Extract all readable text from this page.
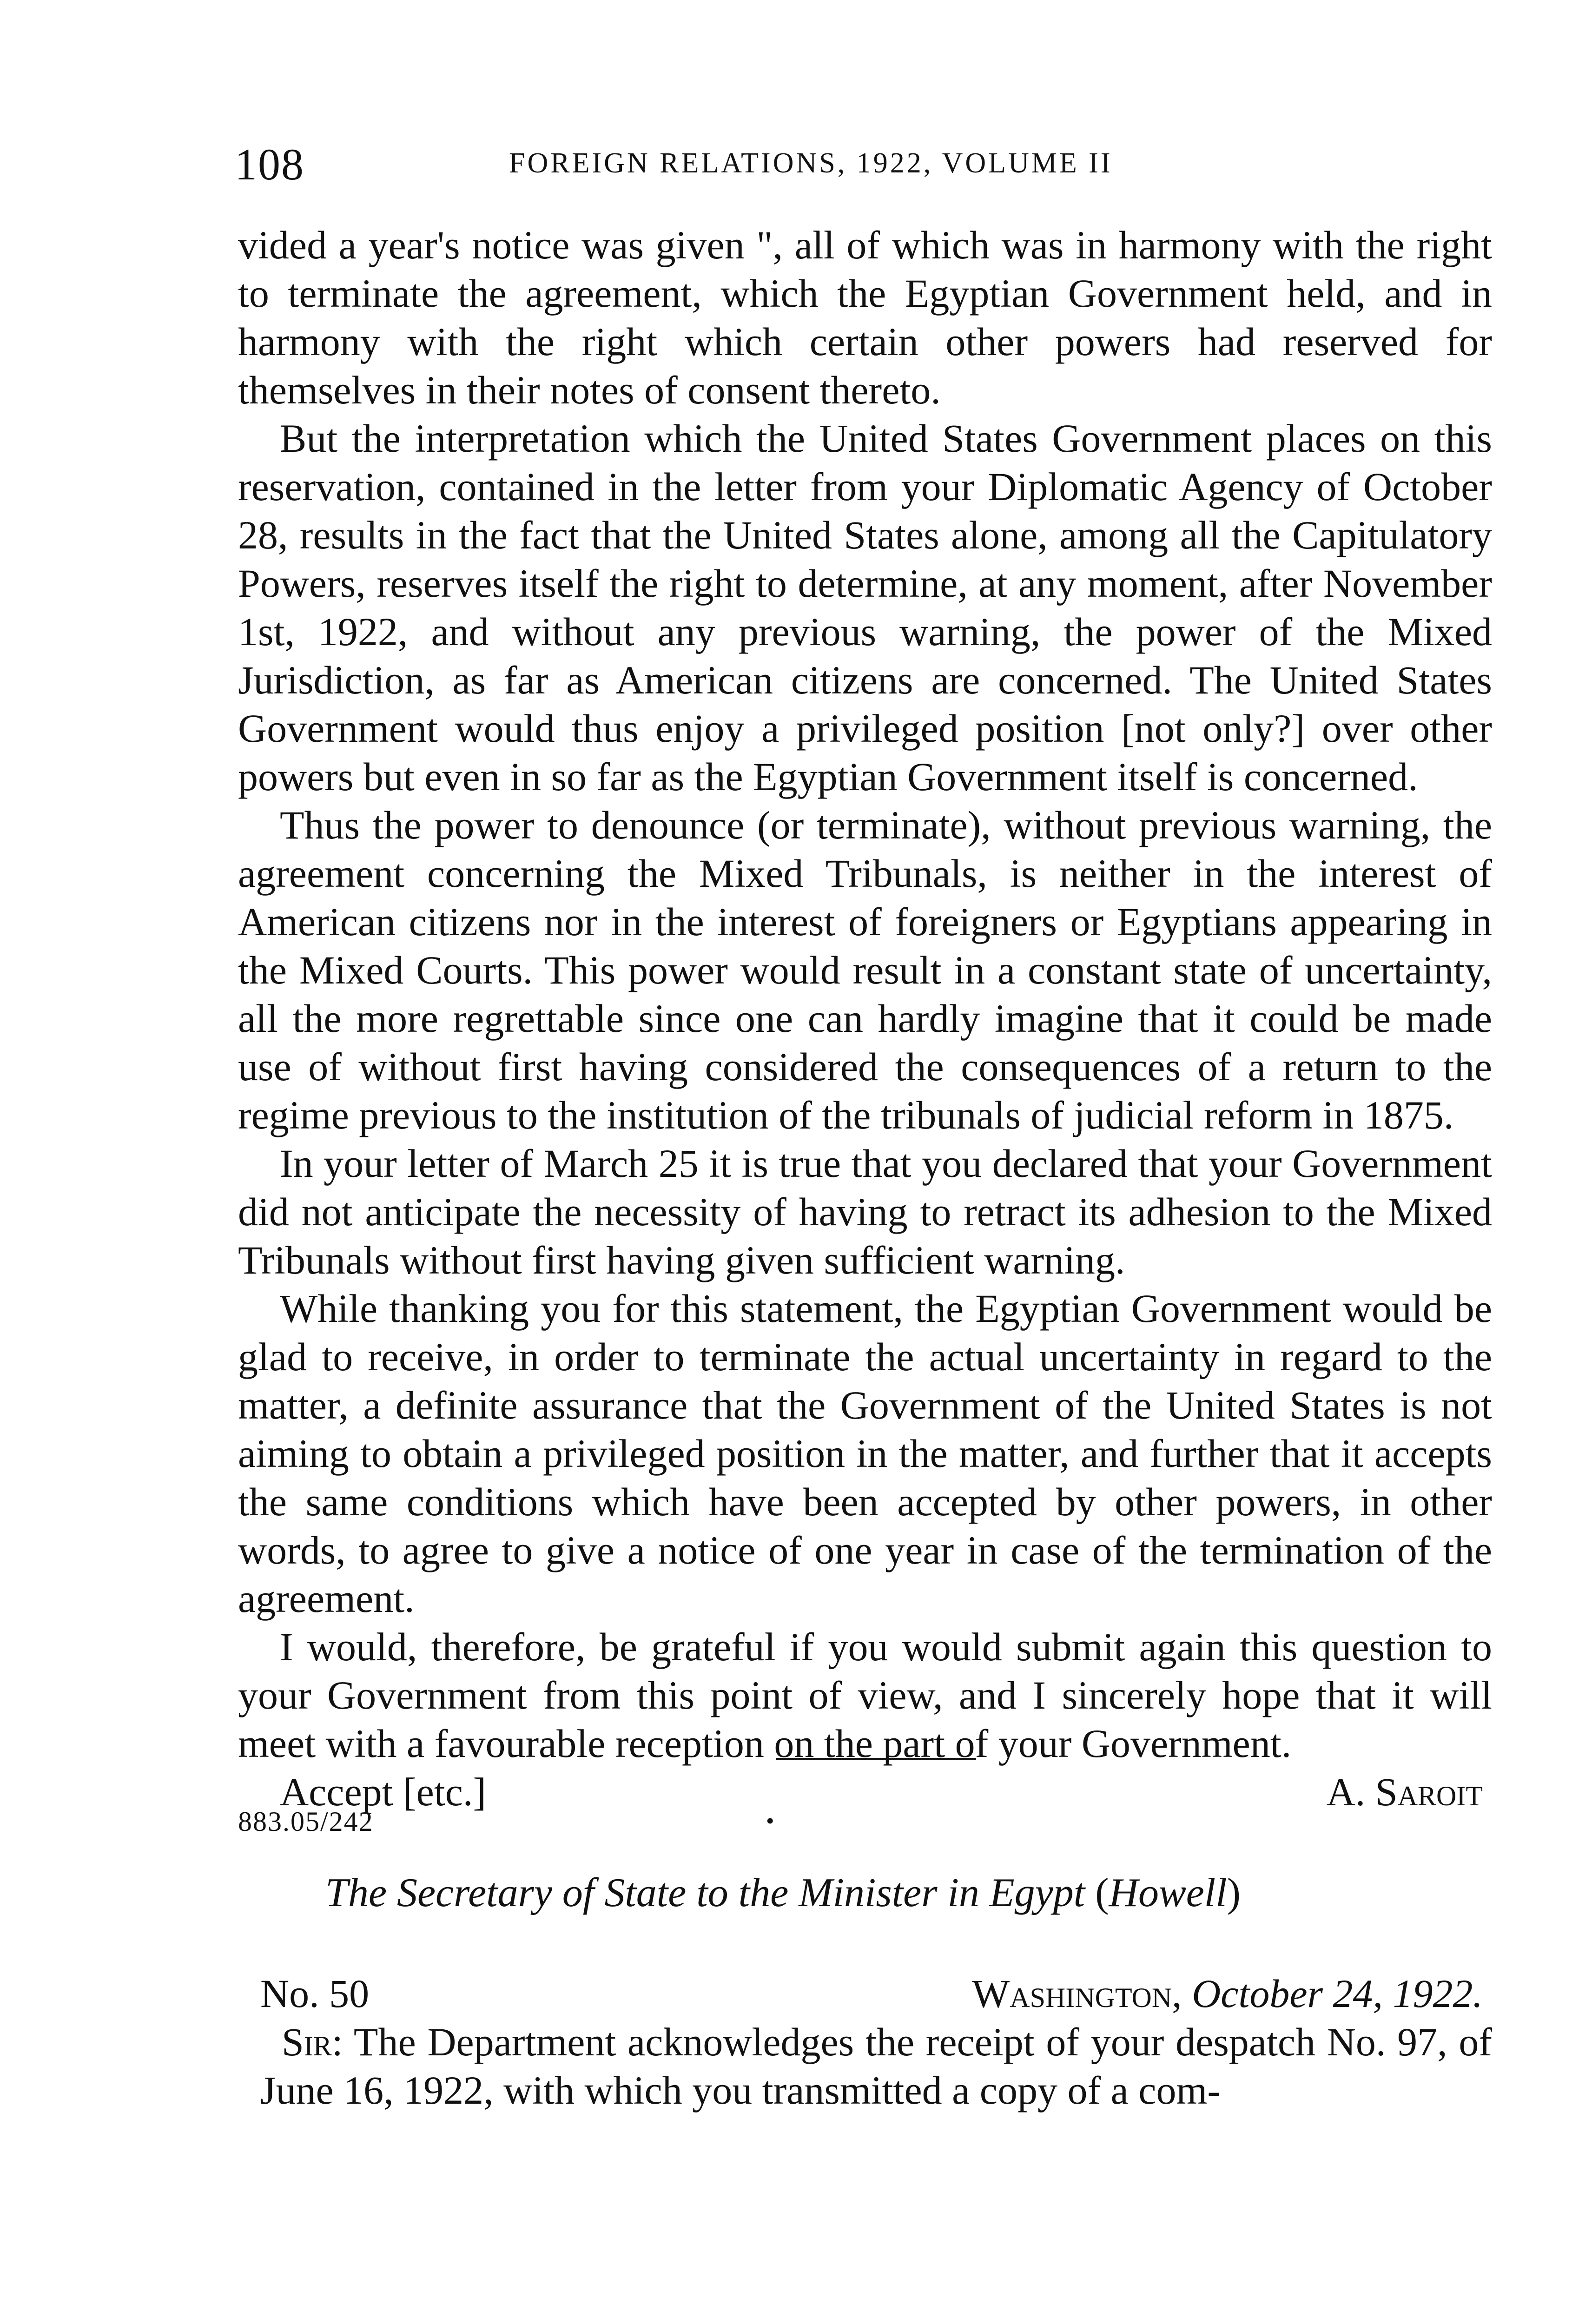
108	FOREIGN RELATIONS, 1922, VOLUME II

vided a year's notice was given ", all of which was in harmony with the right to terminate the agreement, which the Egyptian Government held, and in harmony with the right which certain other powers had reserved for themselves in their notes of consent thereto.

But the interpretation which the United States Government places on this reservation, contained in the letter from your Diplomatic Agency of October 28, results in the fact that the United States alone, among all the Capitulatory Powers, reserves itself the right to determine, at any moment, after November 1st, 1922, and without any previous warning, the power of the Mixed Jurisdiction, as far as American citizens are concerned. The United States Government would thus enjoy a privileged position [not only?] over other powers but even in so far as the Egyptian Government itself is concerned.

Thus the power to denounce (or terminate), without previous warning, the agreement concerning the Mixed Tribunals, is neither in the interest of American citizens nor in the interest of foreigners or Egyptians appearing in the Mixed Courts. This power would result in a constant state of uncertainty, all the more regrettable since one can hardly imagine that it could be made use of without first having considered the consequences of a return to the regime previous to the institution of the tribunals of judicial reform in 1875.

In your letter of March 25 it is true that you declared that your Government did not anticipate the necessity of having to retract its adhesion to the Mixed Tribunals without first having given sufficient warning.

While thanking you for this statement, the Egyptian Government would be glad to receive, in order to terminate the actual uncertainty in regard to the matter, a definite assurance that the Government of the United States is not aiming to obtain a privileged position in the matter, and further that it accepts the same conditions which have been accepted by other powers, in other words, to agree to give a notice of one year in case of the termination of the agreement.

I would, therefore, be grateful if you would submit again this question to your Government from this point of view, and I sincerely hope that it will meet with a favourable reception on the part of your Government.

Accept [etc.]	A. Saroit
883.05/242	•
The Secretary of State to the Minister in Egypt (Howell)
No. 50	Washington, October 24, 1922.

Sir: The Department acknowledges the receipt of your despatch No. 97, of June 16, 1922, with which you transmitted a copy of a com-
